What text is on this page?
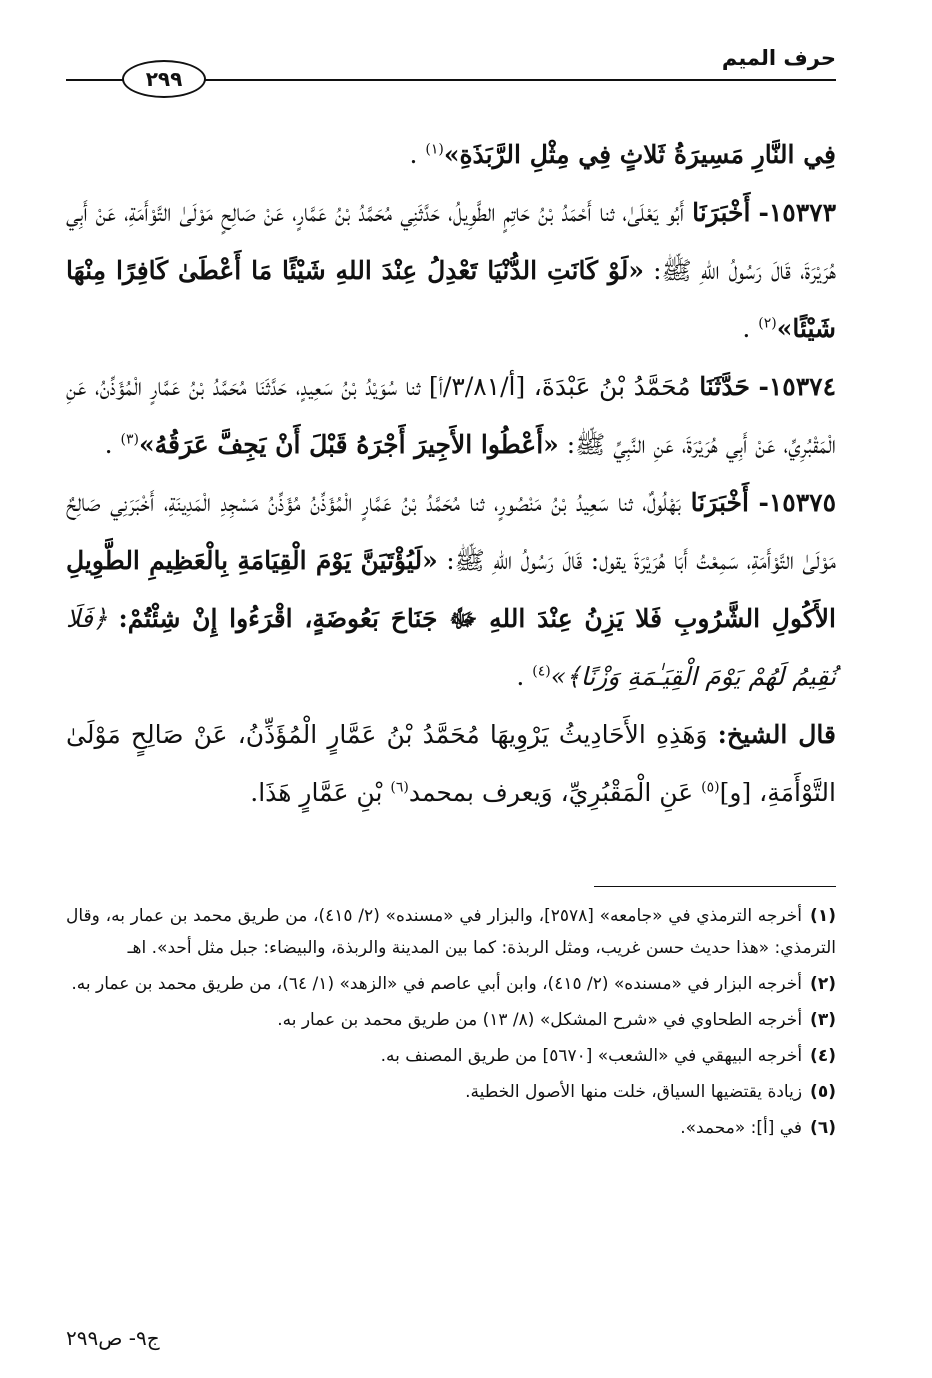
حرف الميم
٢٩٩

فِي النَّارِ مَسِيرَةُ ثَلاثٍ فِي مِثْلِ الرَّبَذَةِ»$^{(١)}$ .

١٥٣٧٣- أَخْبَرَنَا أَبُو يَعْلَىٰ، ثنا أَحْمَدُ بْنُ حَاتِمٍ الطَّوِيلُ، حَدَّثَنِي مُحَمَّدُ بْنُ عَمَّارٍ، عَنْ صَالِحٍ مَوْلَىٰ التَّوْأَمَةِ، عَنْ أَبِي هُرَيْرَةَ، قَالَ رَسُولُ اللهِ ﷺ: «لَوْ كَانَتِ الدُّنْيَا تَعْدِلُ عِنْدَ اللهِ شَيْئًا مَا أَعْطَىٰ كَافِرًا مِنْهَا شَيْئًا»$^{(٢)}$ .

١٥٣٧٤- حَدَّثَنَا مُحَمَّدُ بْنُ عَبْدَةَ، [أ/٣/٨١/أ] ثنا سُوَيْدُ بْنُ سَعِيدٍ، حَدَّثَنَا مُحَمَّدُ بْنُ عَمَّارٍ الْمُؤَذِّنُ، عَنِ الْمَقْبُرِيِّ، عَنْ أَبِي هُرَيْرَةَ، عَنِ النَّبِيِّ ﷺ: «أَعْطُوا الأَجِيرَ أَجْرَهُ قَبْلَ أَنْ يَجِفَّ عَرَقُهُ»$^{(٣)}$ .

١٥٣٧٥- أَخْبَرَنَا بَهْلُولٌ، ثنا سَعِيدُ بْنُ مَنْصُورٍ، ثنا مُحَمَّدُ بْنُ عَمَّارٍ الْمُؤَذِّنُ مُؤَذِّنُ مَسْجِدِ الْمَدِينَةِ، أَخْبَرَنِي صَالِحٌ مَوْلَىٰ التَّوْأَمَةِ، سَمِعْتُ أَبَا هُرَيْرَةَ يقول: قَالَ رَسُولُ اللهِ ﷺ: «لَيُؤْتَيَنَّ يَوْمَ الْقِيَامَةِ بِالْعَظِيمِ الطَّوِيلِ الأَكُولِ الشَّرُوبِ فَلا يَزِنُ عِنْدَ اللهِ ﷻ جَنَاحَ بَعُوضَةٍ، اقْرَءُوا إِنْ شِئْتُمْ: ﴿فَلَا نُقِيمُ لَهُمْ يَوْمَ الْقِيَـٰمَةِ وَزْنًا﴾»$^{(٤)}$ .

قال الشيخ: وَهَذِهِ الأَحَادِيثُ يَرْوِيهَا مُحَمَّدُ بْنُ عَمَّارٍ الْمُؤَذِّنُ، عَنْ صَالِحٍ مَوْلَىٰ التَّوْأَمَةِ، [و]$^{(٥)}$ عَنِ الْمَقْبُرِيِّ، وَيعرف بمحمد$^{(٦)}$ بْنِ عَمَّارٍ هَذَا.

(١)أخرجه الترمذي في «جامعه» [٢٥٧٨]، والبزار في «مسنده» (٢/ ٤١٥)، من طريق محمد بن عمار به، وقال الترمذي: «هذا حديث حسن غريب، ومثل الربذة: كما بين المدينة والربذة، والبيضاء: جبل مثل أحد». اهـ

(٢)أخرجه البزار في «مسنده» (٢/ ٤١٥)، وابن أبي عاصم في «الزهد» (١/ ٦٤)، من طريق محمد بن عمار به.

(٣)أخرجه الطحاوي في «شرح المشكل» (٨/ ١٣) من طريق محمد بن عمار به.

(٤)أخرجه البيهقي في «الشعب» [٥٦٧٠] من طريق المصنف به.

(٥)زيادة يقتضيها السياق، خلت منها الأصول الخطية.

(٦)في [أ]: «محمد».

ج٩- ص٢٩٩
